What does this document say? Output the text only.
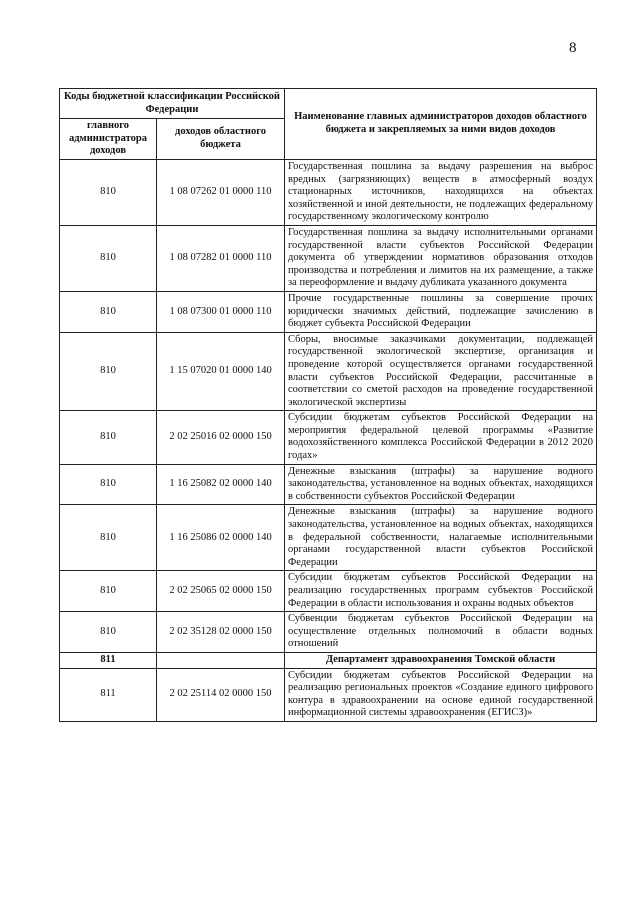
8
Коды бюджетной классификации Российской Федерации		Наименование главных администраторов доходов областного бюджета и закрепляемых за ними видов доходов
главного администратора доходов	доходов областного бюджета	
810	1 08 07262 01 0000 110	Государственная пошлина за выдачу разрешения на выброс вредных (загрязняющих) веществ в атмосферный воздух стационарных источников, находящихся на объектах хозяйственной и иной деятельности, не подлежащих федеральному государственному экологическому контролю
810	1 08 07282 01 0000 110	Государственная пошлина за выдачу исполнительными органами государственной власти субъектов Российской Федерации документа об утверждении нормативов образования отходов производства и потребления и лимитов на их размещение, а также за переоформление и выдачу дубликата указанного документа
810	1 08 07300 01 0000 110	Прочие государственные пошлины за совершение прочих юридически значимых действий, подлежащие зачислению в бюджет субъекта Российской Федерации
810	1 15 07020 01 0000 140	Сборы, вносимые заказчиками документации, подлежащей государственной экологической экспертизе, организация и проведение которой осуществляется органами государственной власти субъектов Российской Федерации, рассчитанные в соответствии со сметой расходов на проведение государственной экологической экспертизы
810	2 02 25016 02 0000 150	Субсидии бюджетам субъектов Российской Федерации на мероприятия федеральной целевой программы «Развитие водохозяйственного комплекса Российской Федерации в 2012 2020 годах»
810	1 16 25082 02 0000 140	Денежные взыскания (штрафы) за нарушение водного законодательства, установленное на водных объектах, находящихся в собственности субъектов Российской Федерации
810	1 16 25086 02 0000 140	Денежные взыскания (штрафы) за нарушение водного законодательства, установленное на водных объектах, находящихся в федеральной собственности, налагаемые исполнительными органами государственной власти субъектов Российской Федерации
810	2 02 25065 02 0000 150	Субсидии бюджетам субъектов Российской Федерации на реализацию государственных программ субъектов Российской Федерации в области использования и охраны водных объектов
810	2 02 35128 02 0000 150	Субвенции бюджетам субъектов Российской Федерации на осуществление отдельных полномочий в области водных отношений
811		Департамент здравоохранения Томской области
811	2 02 25114 02 0000 150	Субсидии бюджетам субъектов Российской Федерации на реализацию региональных проектов «Создание единого цифрового контура в здравоохранении на основе единой государственной информационной системы здравоохранения (ЕГИСЗ)»
